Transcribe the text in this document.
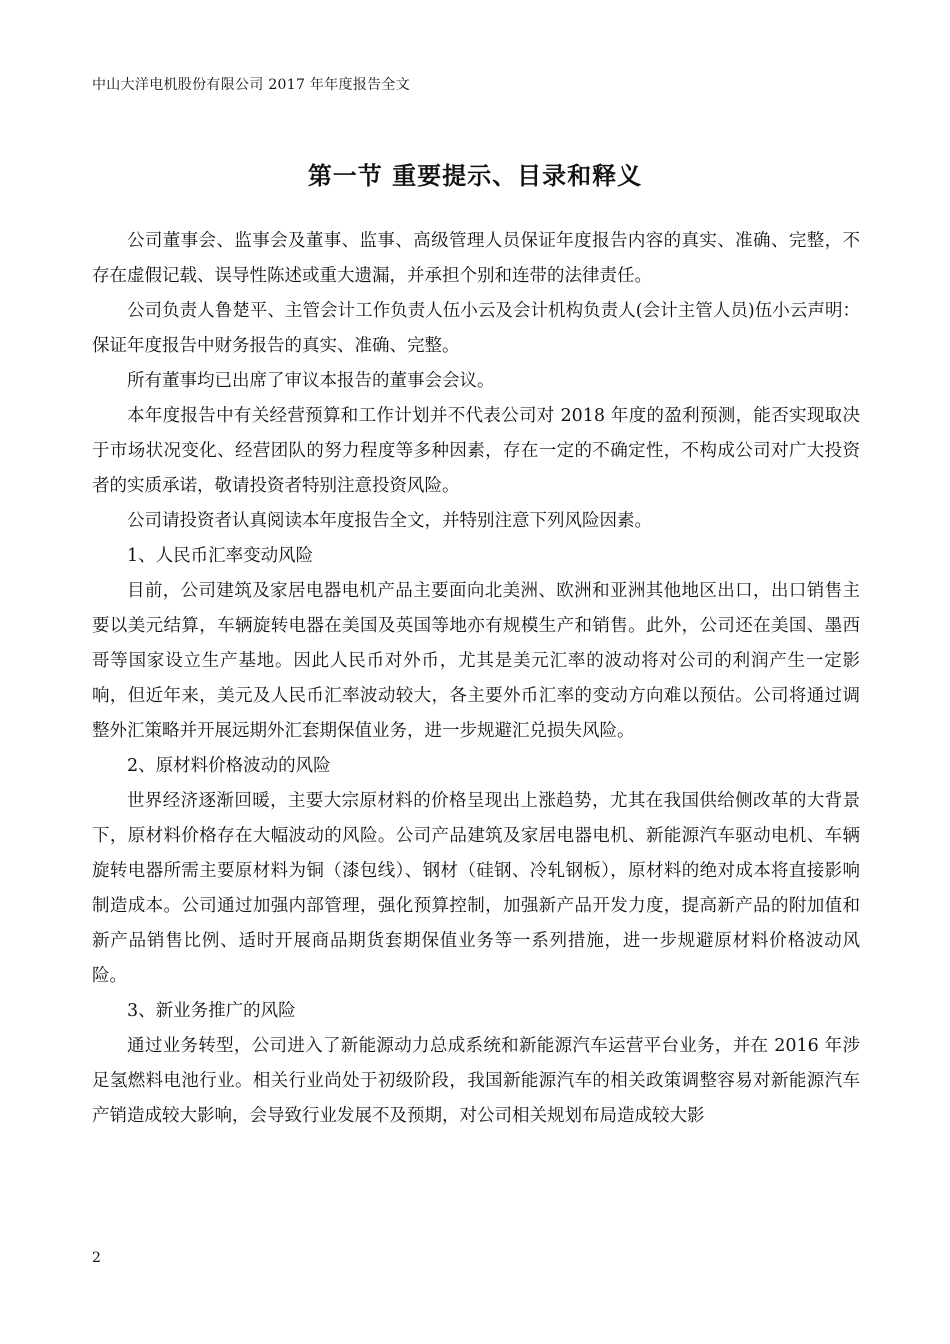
中山大洋电机股份有限公司 2017 年年度报告全文
第一节 重要提示、目录和释义

公司董事会、监事会及董事、监事、高级管理人员保证年度报告内容的真实、准确、完整，不存在虚假记载、误导性陈述或重大遗漏，并承担个别和连带的法律责任。

公司负责人鲁楚平、主管会计工作负责人伍小云及会计机构负责人(会计主管人员)伍小云声明：保证年度报告中财务报告的真实、准确、完整。

所有董事均已出席了审议本报告的董事会会议。

本年度报告中有关经营预算和工作计划并不代表公司对 2018 年度的盈利预测，能否实现取决于市场状况变化、经营团队的努力程度等多种因素，存在一定的不确定性，不构成公司对广大投资者的实质承诺，敬请投资者特别注意投资风险。

公司请投资者认真阅读本年度报告全文，并特别注意下列风险因素。

1、人民币汇率变动风险

目前，公司建筑及家居电器电机产品主要面向北美洲、欧洲和亚洲其他地区出口，出口销售主要以美元结算，车辆旋转电器在美国及英国等地亦有规模生产和销售。此外，公司还在美国、墨西哥等国家设立生产基地。因此人民币对外币，尤其是美元汇率的波动将对公司的利润产生一定影响，但近年来，美元及人民币汇率波动较大，各主要外币汇率的变动方向难以预估。公司将通过调整外汇策略并开展远期外汇套期保值业务，进一步规避汇兑损失风险。

2、原材料价格波动的风险

世界经济逐渐回暖，主要大宗原材料的价格呈现出上涨趋势，尤其在我国供给侧改革的大背景下，原材料价格存在大幅波动的风险。公司产品建筑及家居电器电机、新能源汽车驱动电机、车辆旋转电器所需主要原材料为铜（漆包线）、钢材（硅钢、冷轧钢板），原材料的绝对成本将直接影响制造成本。公司通过加强内部管理，强化预算控制，加强新产品开发力度，提高新产品的附加值和新产品销售比例、适时开展商品期货套期保值业务等一系列措施，进一步规避原材料价格波动风险。

3、新业务推广的风险

通过业务转型，公司进入了新能源动力总成系统和新能源汽车运营平台业务，并在 2016 年涉足氢燃料电池行业。相关行业尚处于初级阶段，我国新能源汽车的相关政策调整容易对新能源汽车产销造成较大影响，会导致行业发展不及预期，对公司相关规划布局造成较大影

2
